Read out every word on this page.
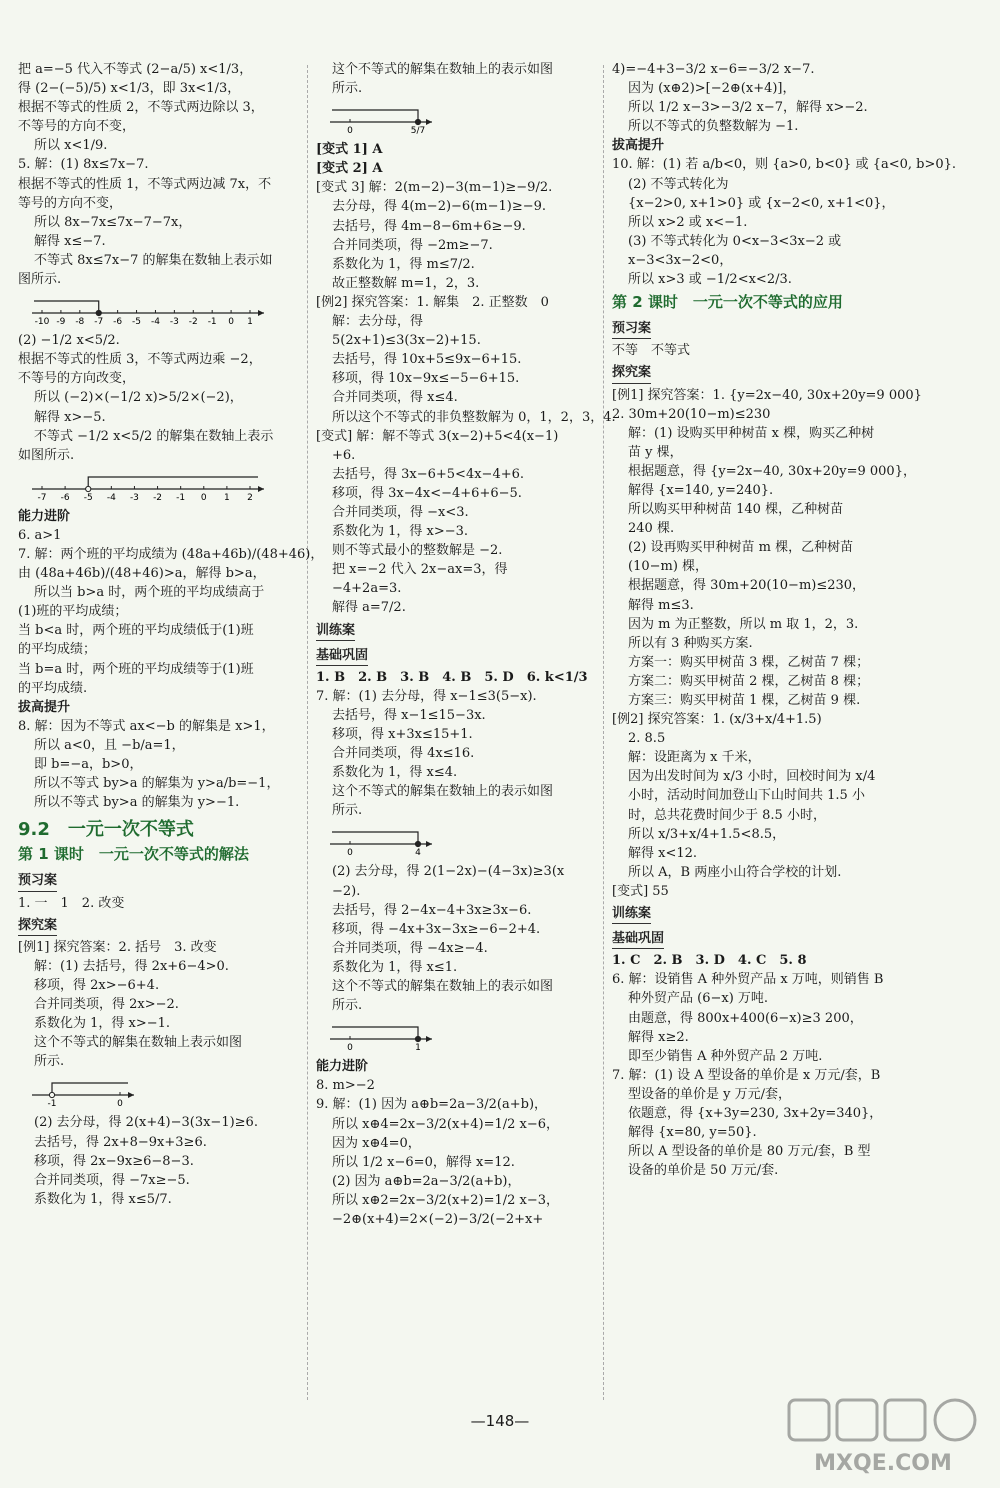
把 a=−5 代入不等式 (2−a/5) x<1/3，
得 (2−(−5)/5) x<1/3，即 3x<1/3，
根据不等式的性质 2，不等式两边除以 3，
不等号的方向不变，
所以 x<1/9.
5. 解：(1) 8x≤7x−7.
根据不等式的性质 1，不等式两边减 7x，不
等号的方向不变，
所以 8x−7x≤7x−7−7x，
解得 x≤−7.
不等式 8x≤7x−7 的解集在数轴上表示如
图所示.
-10 -9 -8 -7 -6 -5 -4 -3 -2 -1 0 1
(2) −1/2 x<5/2.
根据不等式的性质 3，不等式两边乘 −2，
不等号的方向改变，
所以 (−2)×(−1/2 x)>5/2×(−2)，
解得 x>−5.
不等式 −1/2 x<5/2 的解集在数轴上表示
如图所示.
-7 -6 -5 -4 -3 -2 -1 0 1 2
能力进阶
6. a>1
7. 解：两个班的平均成绩为 (48a+46b)/(48+46)，
由 (48a+46b)/(48+46)>a，解得 b>a，
所以当 b>a 时，两个班的平均成绩高于
(1)班的平均成绩；
当 b<a 时，两个班的平均成绩低于(1)班
的平均成绩；
当 b=a 时，两个班的平均成绩等于(1)班
的平均成绩.
拔高提升
8. 解：因为不等式 ax<−b 的解集是 x>1，
所以 a<0，且 −b/a=1，
即 b=−a，b>0，
所以不等式 by>a 的解集为 y>a/b=−1，
所以不等式 by>a 的解集为 y>−1.
9.2　一元一次不等式
第 1 课时　一元一次不等式的解法
预习案
1. 一　1　2. 改变
探究案
[例1] 探究答案：2. 括号　3. 改变
解：(1) 去括号，得 2x+6−4>0.
移项，得 2x>−6+4.
合并同类项，得 2x>−2.
系数化为 1，得 x>−1.
这个不等式的解集在数轴上表示如图
所示.
-1	0
(2) 去分母，得 2(x+4)−3(3x−1)≥6.
去括号，得 2x+8−9x+3≥6.
移项，得 2x−9x≥6−8−3.
合并同类项，得 −7x≥−5.
系数化为 1，得 x≤5/7.
这个不等式的解集在数轴上的表示如图
所示.
0	5/7
[变式 1] A
[变式 2] A
[变式 3] 解：2(m−2)−3(m−1)≥−9/2.
去分母，得 4(m−2)−6(m−1)≥−9.
去括号，得 4m−8−6m+6≥−9.
合并同类项，得 −2m≥−7.
系数化为 1，得 m≤7/2.
故正整数解 m=1，2，3.
[例2] 探究答案：1. 解集　2. 正整数　0
解：去分母，得
5(2x+1)≤3(3x−2)+15.
去括号，得 10x+5≤9x−6+15.
移项，得 10x−9x≤−5−6+15.
合并同类项，得 x≤4.
所以这个不等式的非负整数解为 0，1，2，3，4.
[变式] 解：解不等式 3(x−2)+5<4(x−1)
+6.
去括号，得 3x−6+5<4x−4+6.
移项，得 3x−4x<−4+6+6−5.
合并同类项，得 −x<3.
系数化为 1，得 x>−3.
则不等式最小的整数解是 −2.
把 x=−2 代入 2x−ax=3，得
−4+2a=3.
解得 a=7/2.
训练案
基础巩固
1. B　2. B　3. B　4. B　5. D　6. k<1/3
7. 解：(1) 去分母，得 x−1≤3(5−x).
去括号，得 x−1≤15−3x.
移项，得 x+3x≤15+1.
合并同类项，得 4x≤16.
系数化为 1，得 x≤4.
这个不等式的解集在数轴上的表示如图
所示.
0	4
(2) 去分母，得 2(1−2x)−(4−3x)≥3(x
−2).
去括号，得 2−4x−4+3x≥3x−6.
移项，得 −4x+3x−3x≥−6−2+4.
合并同类项，得 −4x≥−4.
系数化为 1，得 x≤1.
这个不等式的解集在数轴上的表示如图
所示.
0	1
能力进阶
8. m>−2
9. 解：(1) 因为 a⊕b=2a−3/2(a+b)，
所以 x⊕4=2x−3/2(x+4)=1/2 x−6，
因为 x⊕4=0，
所以 1/2 x−6=0，解得 x=12.
(2) 因为 a⊕b=2a−3/2(a+b)，
所以 x⊕2=2x−3/2(x+2)=1/2 x−3，
−2⊕(x+4)=2×(−2)−3/2(−2+x+
4)=−4+3−3/2 x−6=−3/2 x−7.
因为 (x⊕2)>[−2⊕(x+4)]，
所以 1/2 x−3>−3/2 x−7，解得 x>−2.
所以不等式的负整数解为 −1.
拔高提升
10. 解：(1) 若 a/b<0，则 {a>0, b<0} 或 {a<0, b>0}.
(2) 不等式转化为
{x−2>0, x+1>0} 或 {x−2<0, x+1<0}，
所以 x>2 或 x<−1.
(3) 不等式转化为 0<x−3<3x−2 或
x−3<3x−2<0，
所以 x>3 或 −1/2<x<2/3.
第 2 课时　一元一次不等式的应用
预习案
不等　不等式
探究案
[例1] 探究答案：1. {y=2x−40, 30x+20y=9 000}
2. 30m+20(10−m)≤230
解：(1) 设购买甲种树苗 x 棵，购买乙种树
苗 y 棵，
根据题意，得 {y=2x−40, 30x+20y=9 000}，
解得 {x=140, y=240}.
所以购买甲种树苗 140 棵，乙种树苗
240 棵.
(2) 设再购买甲种树苗 m 棵，乙种树苗
(10−m) 棵，
根据题意，得 30m+20(10−m)≤230，
解得 m≤3.
因为 m 为正整数，所以 m 取 1，2，3.
所以有 3 种购买方案.
方案一：购买甲树苗 3 棵，乙树苗 7 棵；
方案二：购买甲树苗 2 棵，乙树苗 8 棵；
方案三：购买甲树苗 1 棵，乙树苗 9 棵.
[例2] 探究答案：1. (x/3+x/4+1.5)
2. 8.5
解：设距离为 x 千米，
因为出发时间为 x/3 小时，回校时间为 x/4
小时，活动时间加登山下山时间共 1.5 小
时，总共花费时间少于 8.5 小时，
所以 x/3+x/4+1.5<8.5，
解得 x<12.
所以 A，B 两座小山符合学校的计划.
[变式] 55
训练案
基础巩固
1. C　2. B　3. D　4. C　5. 8
6. 解：设销售 A 种外贸产品 x 万吨，则销售 B
种外贸产品 (6−x) 万吨.
由题意，得 800x+400(6−x)≥3 200，
解得 x≥2.
即至少销售 A 种外贸产品 2 万吨.
7. 解：(1) 设 A 型设备的单价是 x 万元/套，B
型设备的单价是 y 万元/套，
依题意，得 {x+3y=230, 3x+2y=340}，
解得 {x=80, y=50}.
所以 A 型设备的单价是 80 万元/套，B 型
设备的单价是 50 万元/套.
—148—
MXQE.COM
